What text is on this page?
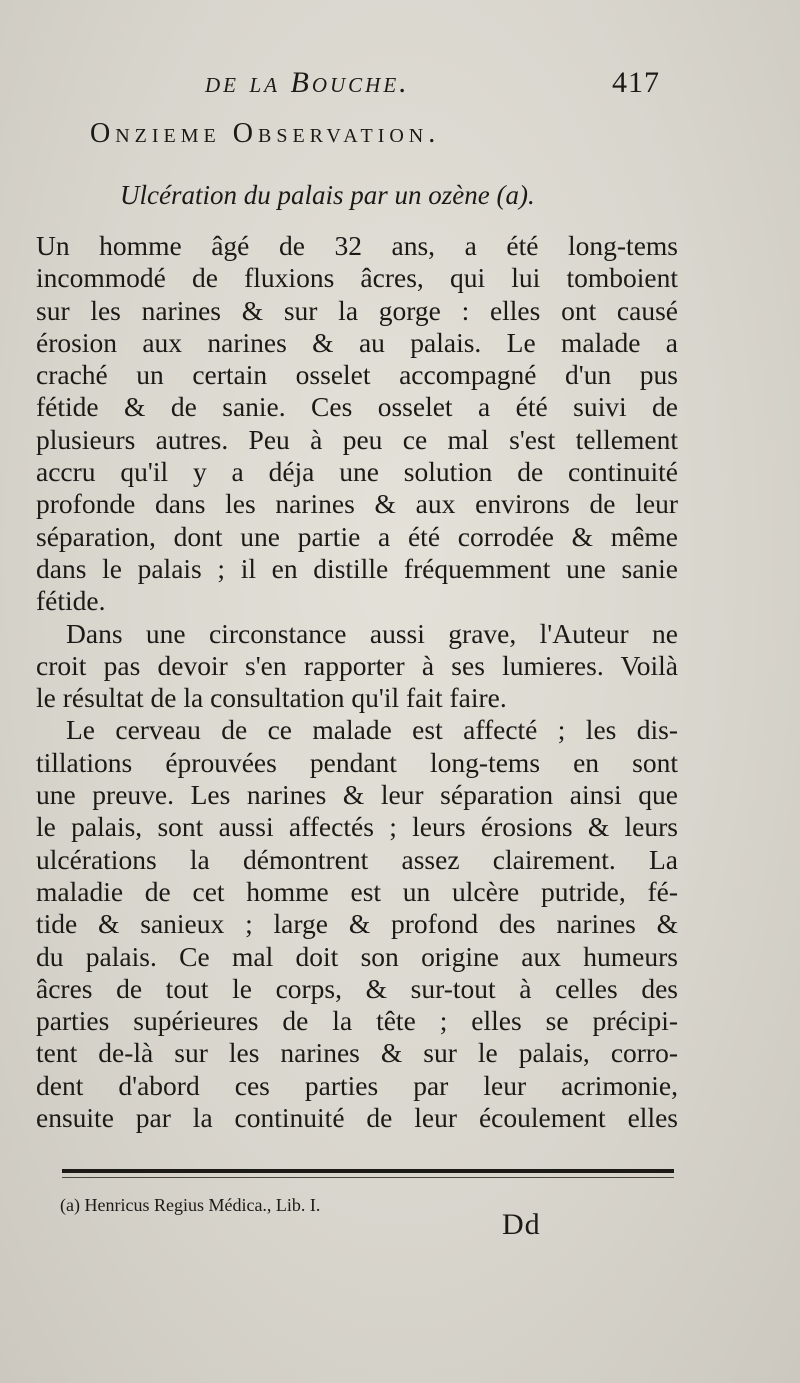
de la Bouche.	417
Onzieme Observation.
Ulcération du palais par un ozène (a).
Un homme âgé de 32 ans, a été long-tems
incommodé de fluxions âcres, qui lui tomboient
sur les narines & sur la gorge : elles ont causé
érosion aux narines & au palais. Le malade a
craché un certain osselet accompagné d'un pus
fétide & de sanie. Ces osselet a été suivi de
plusieurs autres. Peu à peu ce mal s'est tellement
accru qu'il y a déja une solution de continuité
profonde dans les narines & aux environs de leur
séparation, dont une partie a été corrodée & même
dans le palais ; il en distille fréquemment une sanie
fétide.
Dans une circonstance aussi grave, l'Auteur ne
croit pas devoir s'en rapporter à ses lumieres. Voilà
le résultat de la consultation qu'il fait faire.
Le cerveau de ce malade est affecté ; les dis-
tillations éprouvées pendant long-tems en sont
une preuve. Les narines & leur séparation ainsi que
le palais, sont aussi affectés ; leurs érosions & leurs
ulcérations la démontrent assez clairement. La
maladie de cet homme est un ulcère putride, fé-
tide & sanieux ; large & profond des narines &
du palais. Ce mal doit son origine aux humeurs
âcres de tout le corps, & sur-tout à celles des
parties supérieures de la tête ; elles se précipi-
tent de-là sur les narines & sur le palais, corro-
dent d'abord ces parties par leur acrimonie,
ensuite par la continuité de leur écoulement elles
(a) Henricus Regius Médica., Lib. I.
Dd
